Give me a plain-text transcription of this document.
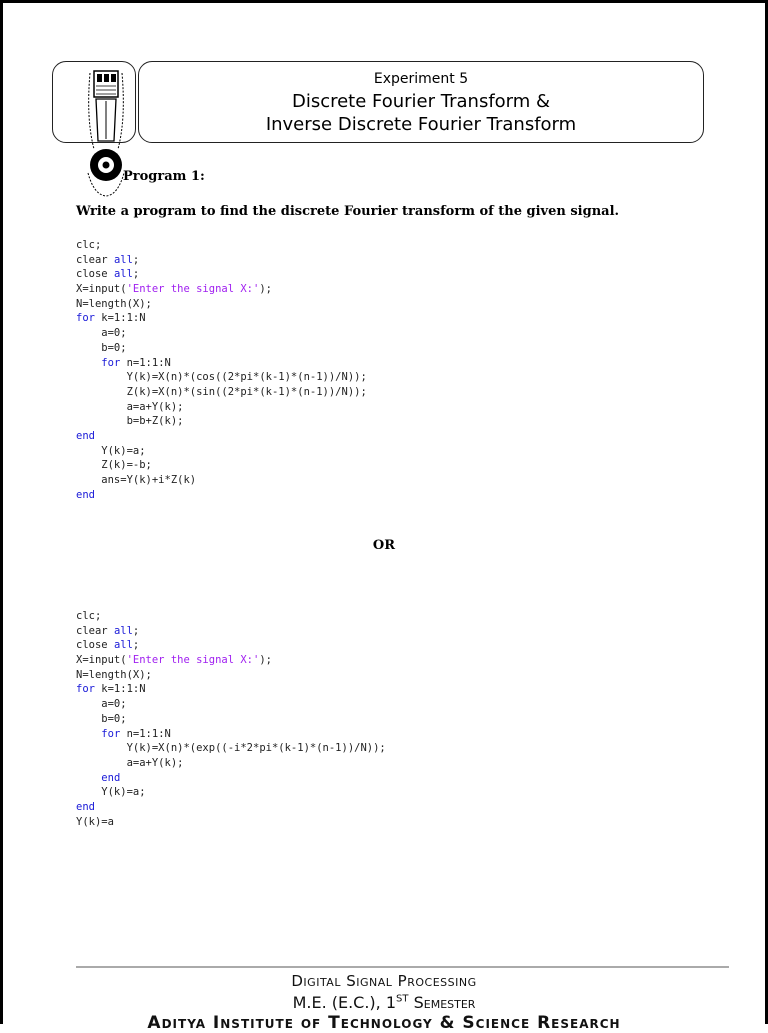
Experiment 5
Discrete Fourier Transform &
Inverse Discrete Fourier Transform
Program 1:
Write a program to find the discrete Fourier transform of the given signal.
clc;
clear all;
close all;
X=input('Enter the signal X:');
N=length(X);
for k=1:1:N
a=0;
b=0;
for n=1:1:N
Y(k)=X(n)*(cos((2*pi*(k-1)*(n-1))/N));
Z(k)=X(n)*(sin((2*pi*(k-1)*(n-1))/N));
a=a+Y(k);
b=b+Z(k);
end
Y(k)=a;
Z(k)=-b;
ans=Y(k)+i*Z(k)
end
OR
clc;
clear all;
close all;
X=input('Enter the signal X:');
N=length(X);
for k=1:1:N
a=0;
b=0;
for n=1:1:N
Y(k)=X(n)*(exp((-i*2*pi*(k-1)*(n-1))/N));
a=a+Y(k);
end
Y(k)=a;
end
Y(k)=a
Digital Signal Processing
M.E. (E.C.), 1ST Semester
Aditya Institute of Technology & Science Research
